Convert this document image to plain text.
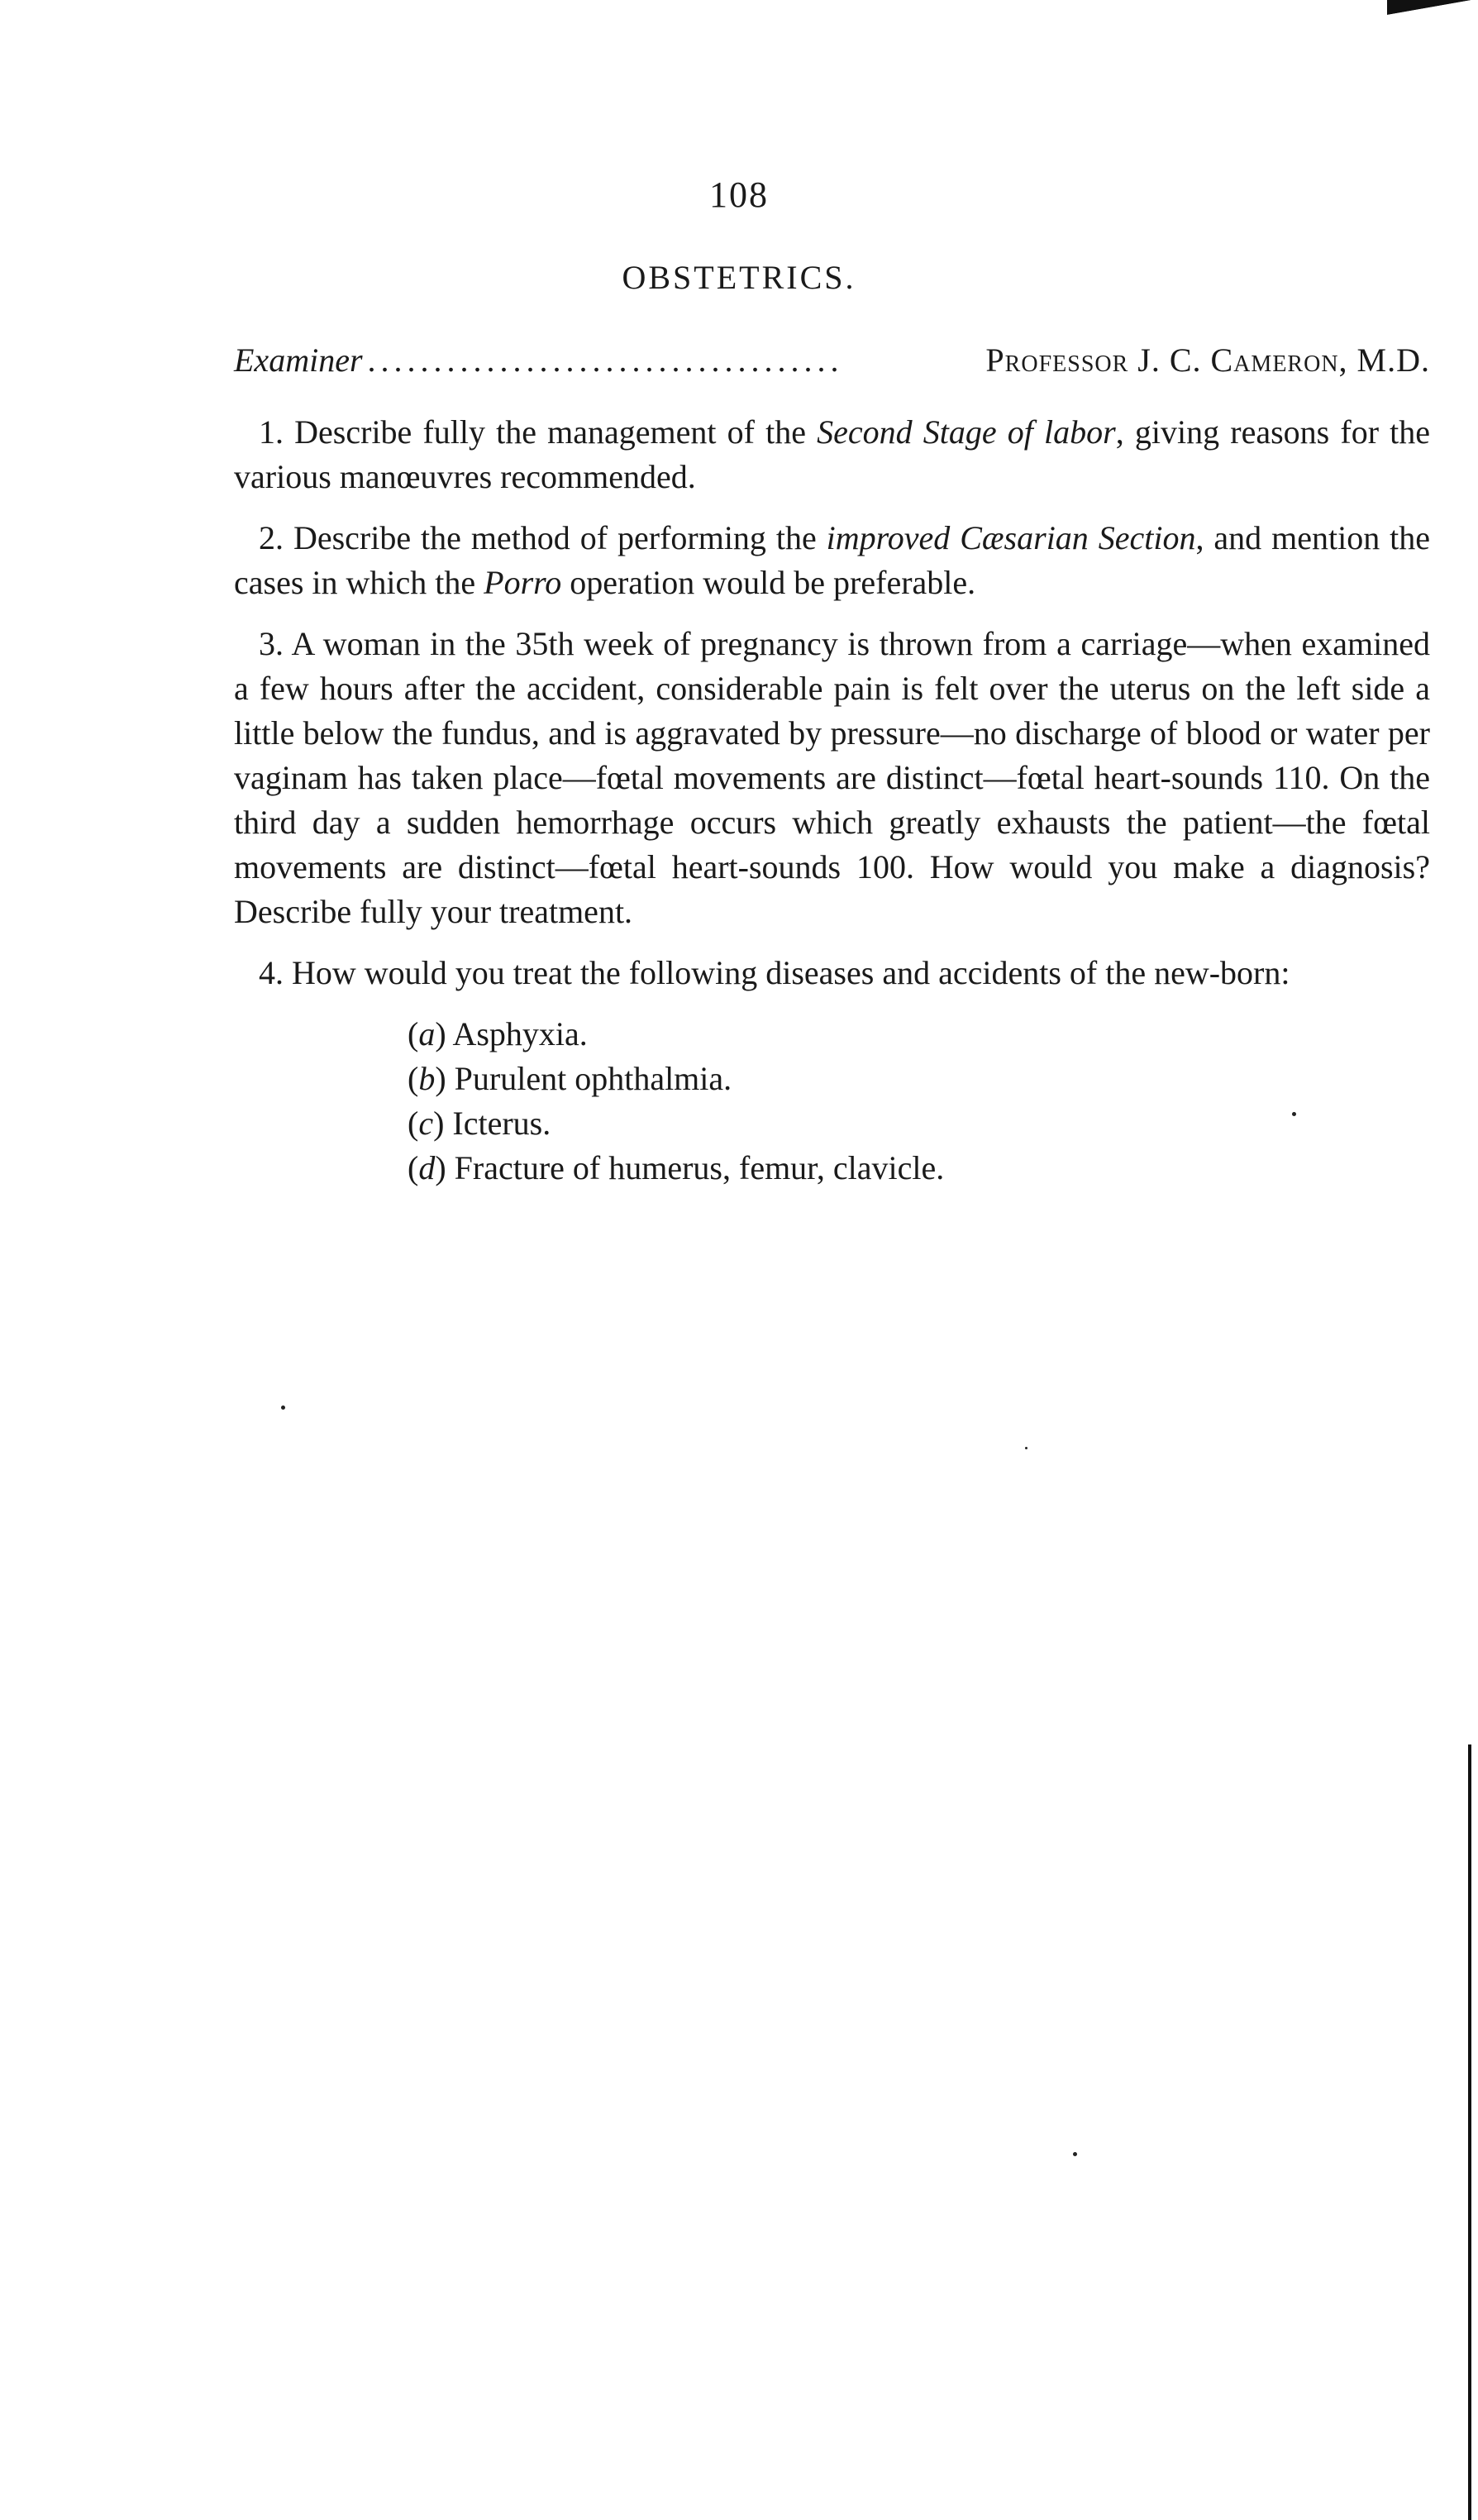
108
OBSTETRICS.
Examiner ....................................	Professor J. C. Cameron, M.D.

1. Describe fully the management of the Second Stage of labor, giving reasons for the various manœuvres recommended.

2. Describe the method of performing the improved Cæsarian Section, and mention the cases in which the Porro operation would be preferable.

3. A woman in the 35th week of pregnancy is thrown from a carriage—when examined a few hours after the accident, considerable pain is felt over the uterus on the left side a little below the fundus, and is aggravated by pressure—no discharge of blood or water per vaginam has taken place—fœtal movements are distinct—fœtal heart-sounds 110. On the third day a sudden hemorrhage occurs which greatly exhausts the patient—the fœtal movements are distinct—fœtal heart-sounds 100. How would you make a diagnosis? Describe fully your treatment.

4. How would you treat the following diseases and accidents of the new-born:

(a) Asphyxia.
(b) Purulent ophthalmia.
(c) Icterus.
(d) Fracture of humerus, femur, clavicle.
